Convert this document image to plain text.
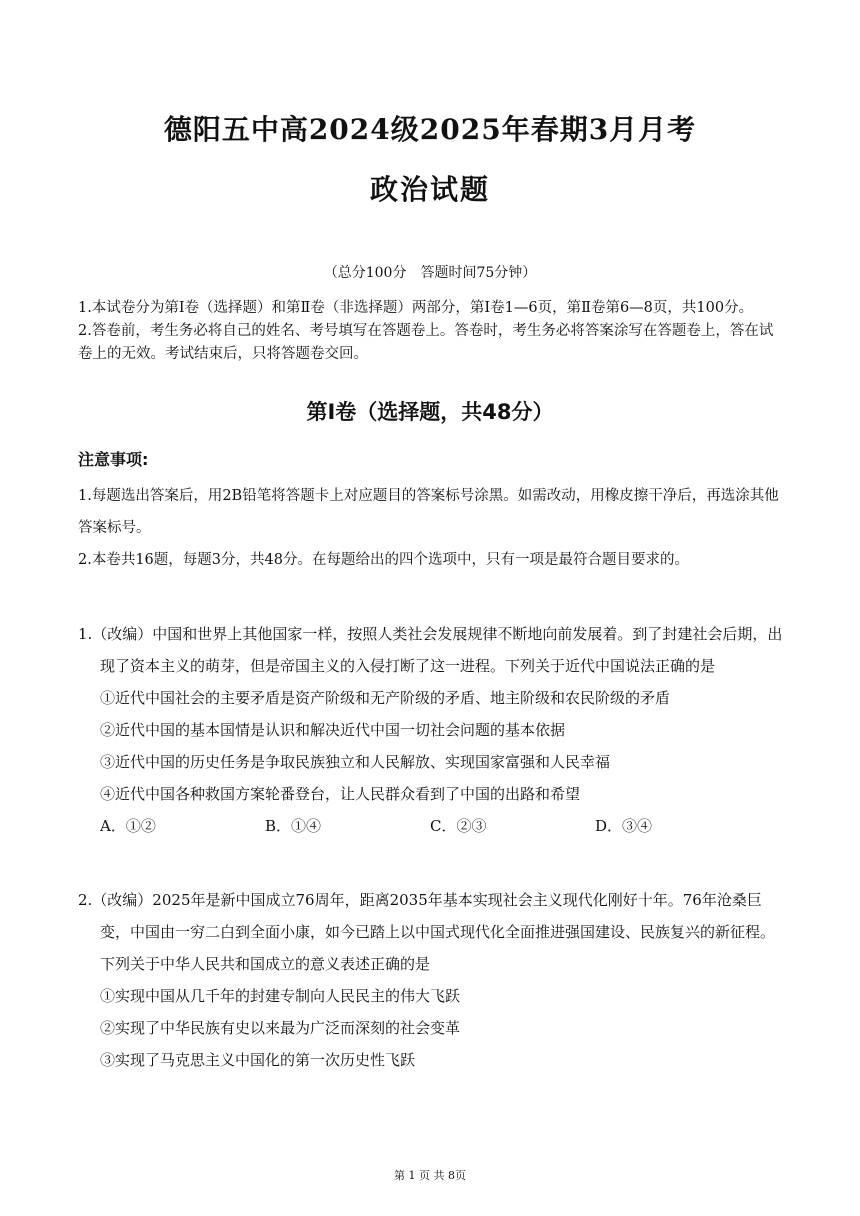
德阳五中高2024级2025年春期3月月考
政治试题
（总分100分　答题时间75分钟）

1.本试卷分为第Ⅰ卷（选择题）和第Ⅱ卷（非选择题）两部分，第Ⅰ卷1—6页，第Ⅱ卷第6—8页，共100分。

2.答卷前，考生务必将自己的姓名、考号填写在答题卷上。答卷时，考生务必将答案涂写在答题卷上，答在试卷上的无效。考试结束后，只将答题卷交回。

第Ⅰ卷（选择题，共48分）
注意事项:

1.每题选出答案后，用2B铅笔将答题卡上对应题目的答案标号涂黑。如需改动，用橡皮擦干净后，再选涂其他答案标号。

2.本卷共16题，每题3分，共48分。在每题给出的四个选项中，只有一项是最符合题目要求的。

1.（改编）中国和世界上其他国家一样，按照人类社会发展规律不断地向前发展着。到了封建社会后期，出现了资本主义的萌芽，但是帝国主义的入侵打断了这一进程。下列关于近代中国说法正确的是

①近代中国社会的主要矛盾是资产阶级和无产阶级的矛盾、地主阶级和农民阶级的矛盾

②近代中国的基本国情是认识和解决近代中国一切社会问题的基本依据

③近代中国的历史任务是争取民族独立和人民解放、实现国家富强和人民幸福

④近代中国各种救国方案轮番登台，让人民群众看到了中国的出路和希望

A．①②	B．①④	C．②③	D．③④

2.（改编）2025年是新中国成立76周年，距离2035年基本实现社会主义现代化刚好十年。76年沧桑巨变，中国由一穷二白到全面小康，如今已踏上以中国式现代化全面推进强国建设、民族复兴的新征程。下列关于中华人民共和国成立的意义表述正确的是

①实现中国从几千年的封建专制向人民民主的伟大飞跃

②实现了中华民族有史以来最为广泛而深刻的社会变革

③实现了马克思主义中国化的第一次历史性飞跃

第 1 页 共 8页
